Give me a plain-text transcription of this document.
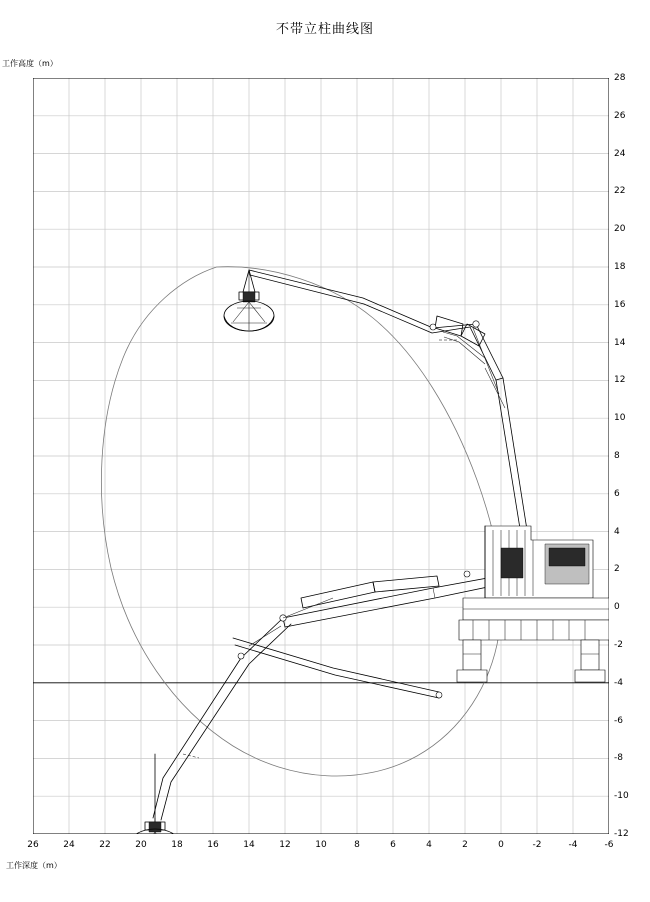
不带立柱曲线图
工作高度（m）
工作深度（m）
28
26
24
22
20
18
16
14
12
10
8
6
4
2
0
-2
-4
-6
-8
-10
-12
26	24	22	20	18	16	14	12	10	8	6	4	2	0	-2	-4	-6
